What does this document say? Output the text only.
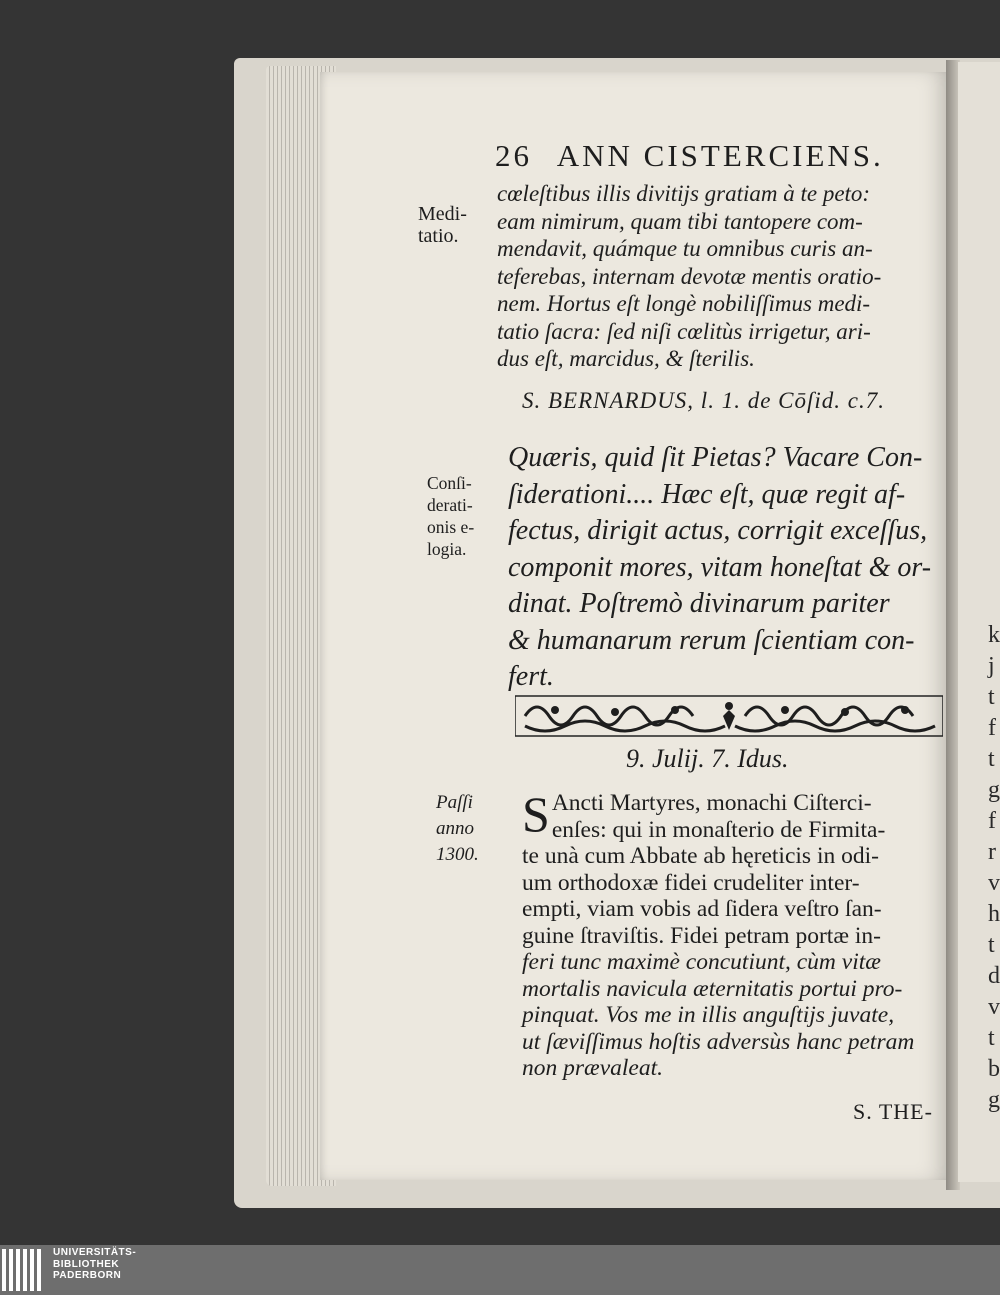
k
j
t
f
t
g
f
r
v
h
t
d
v
t
b
g
26 ANN CISTERCIENS.
Medi-
tatio.
cœleſtibus illis divitijs gratiam à te peto:
eam nimirum, quam tibi tantopere com-
mendavit, quámque tu omnibus curis an-
teferebas, internam devotæ mentis oratio-
nem. Hortus eſt longè nobiliſſimus medi-
tatio ſacra: ſed niſi cœlitùs irrigetur, ari-
dus eſt, marcidus, & ſterilis.
S. BERNARDUS, l. 1. de Cōſid. c.7.
Conſi-
derati-
onis e-
logia.
Quæris, quid ſit Pietas? Vacare Con-
ſiderationi.... Hæc eſt, quæ regit af-
fectus, dirigit actus, corrigit exceſſus,
componit mores, vitam honeſtat & or-
dinat. Poſtremò divinarum pariter
& humanarum rerum ſcientiam con-
fert.
9. Julij. 7. Idus.
Paſſi
anno
1300.
S Ancti Martyres, monachi Ciſterci-
enſes: qui in monaſterio de Firmita-
te unà cum Abbate ab hęreticis in odi-
um orthodoxæ fidei crudeliter inter-
empti, viam vobis ad ſidera veſtro ſan-
guine ſtraviſtis. Fidei petram portæ in-
feri tunc maximè concutiunt, cùm vitæ
mortalis navicula æternitatis portui pro-
pinquat. Vos me in illis anguſtijs juvate,
ut ſæviſſimus hoſtis adversùs hanc petram
non prævaleat.
S. THE-
UNIVERSITÄTS-
BIBLIOTHEK
PADERBORN
